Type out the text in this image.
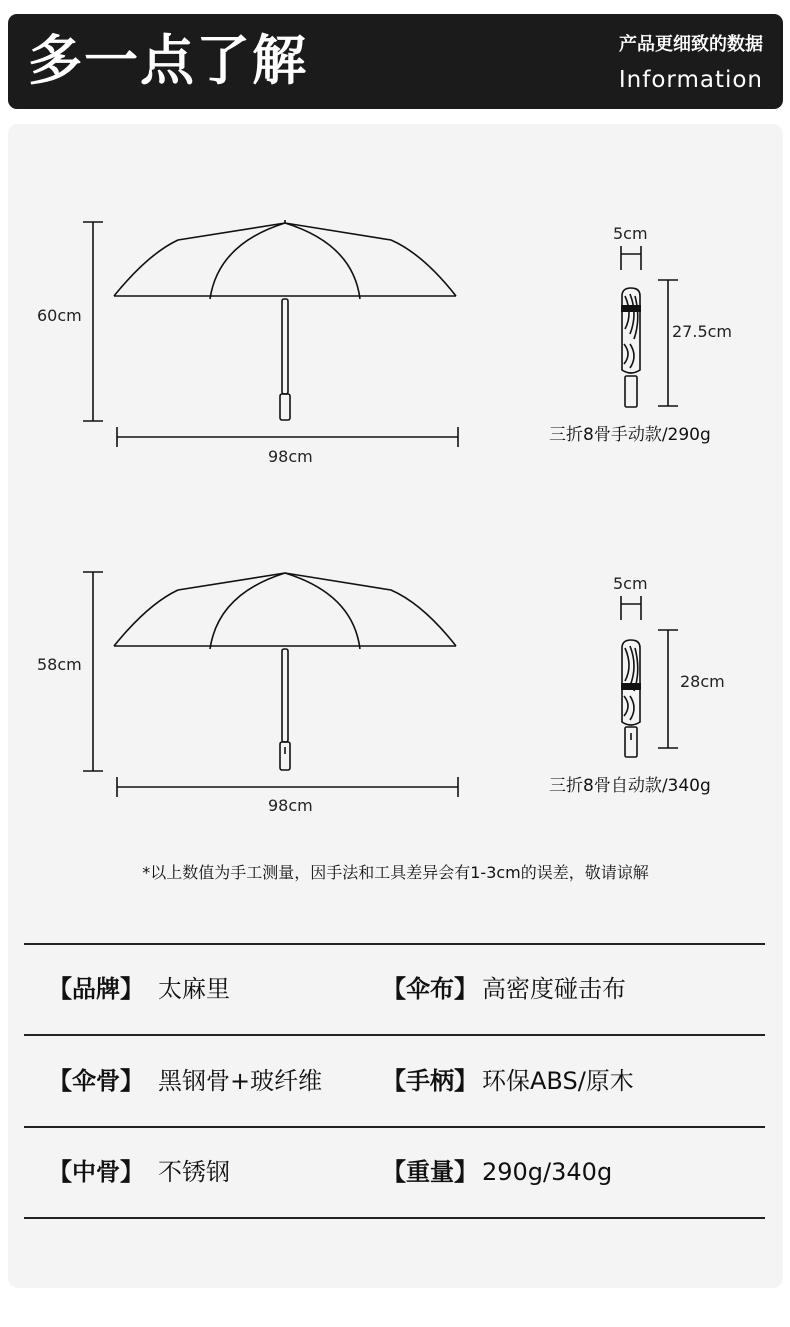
多一点了解	产品更细致的数据
Information
60cm
98cm
5cm
27.5cm
三折8骨手动款/290g
58cm
98cm
5cm
28cm
三折8骨自动款/340g
*以上数值为手工测量，因手法和工具差异会有1-3cm的误差，敬请谅解
【品牌】 太麻里	【伞布】 高密度碰击布
【伞骨】 黑钢骨+玻纤维 【手柄】 环保ABS/原木
【中骨】 不锈钢	【重量】 290g/340g
